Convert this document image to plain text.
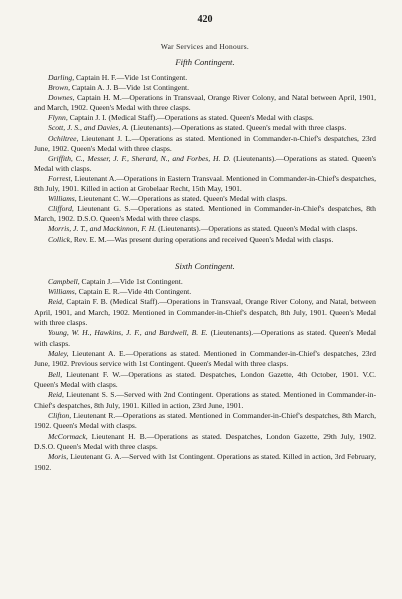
420
War Services and Honours.
Fifth Contingent.

Darling, Captain H. F.—Vide 1st Contingent.

Brown, Captain A. J. B—Vide 1st Contingent.

Downes, Captain H. M.—Operations in Transvaal, Orange River Colony, and Natal between April, 1901, and March, 1902. Queen's Medal with three clasps.

Flynn, Captain J. I. (Medical Staff).—Operations as stated. Queen's Medal with clasps.

Scott, J. S., and Davies, A. (Lieutenants).—Operations as stated. Queen's medal with three clasps.

Ochiltree, Lieutenant J. L.—Operations as stated. Mentioned in Commander-n-Chief's despatches, 23rd June, 1902. Queen's Medal with three clasps.

Griffith, C., Messer, J. F., Sherard, N., and Forbes, H. D. (Lieutenants).—Operations as stated. Queen's Medal with clasps.

Forrest, Lieutenant A.—Operations in Eastern Transvaal. Mentioned in Commander-in-Chief's despatches, 8th July, 1901. Killed in action at Grobelaar Recht, 15th May, 1901.

Williams, Lieutenant C. W.—Operations as stated. Queen's Medal with clasps.

Clifford, Lieutenant G. S.—Operations as stated. Mentioned in Commander-in-Chief's despatches, 8th March, 1902. D.S.O. Queen's Medal with three clasps.

Morris, J. T., and Mackinnon, F. H. (Lieutenants).—Operations as stated. Queen's Medal with clasps.

Collick, Rev. E. M.—Was present during operations and received Queen's Medal with clasps.

Sixth Contingent.

Campbell, Captain J.—Vide 1st Contingent.

Williams, Captain E. R.—Vide 4th Contingent.

Reid, Captain F. B. (Medical Staff).—Operations in Transvaal, Orange River Colony, and Natal, between April, 1901, and March, 1902. Mentioned in Commander-in-Chief's despatch, 8th July, 1901. Queen's Medal with three clasps.

Young, W. H., Hawkins, J. F., and Bardwell, B. E. (Lieutenants).—Operations as stated. Queen's Medal with clasps.

Maley, Lieutenant A. E.—Operations as stated. Mentioned in Commander-in-Chief's despatches, 23rd June, 1902. Previous service with 1st Contingent. Queen's Medal with three clasps.

Bell, Lieutenant F. W.—Operations as stated. Despatches, London Gazette, 4th October, 1901. V.C. Queen's Medal with clasps.

Reid, Lieutenant S. S.—Served with 2nd Contingent. Operations as stated. Mentioned in Commander-in-Chief's despatches, 8th July, 1901. Killed in action, 23rd June, 1901.

Clifton, Lieutenant R.—Operations as stated. Mentioned in Commander-in-Chief's despatches, 8th March, 1902. Queen's Medal with clasps.

McCormack, Lieutenant H. B.—Operations as stated. Despatches, London Gazette, 29th July, 1902. D.S.O. Queen's Medal with three clasps.

Moris, Lieutenant G. A.—Served with 1st Contingent. Operations as stated. Killed in action, 3rd February, 1902.
